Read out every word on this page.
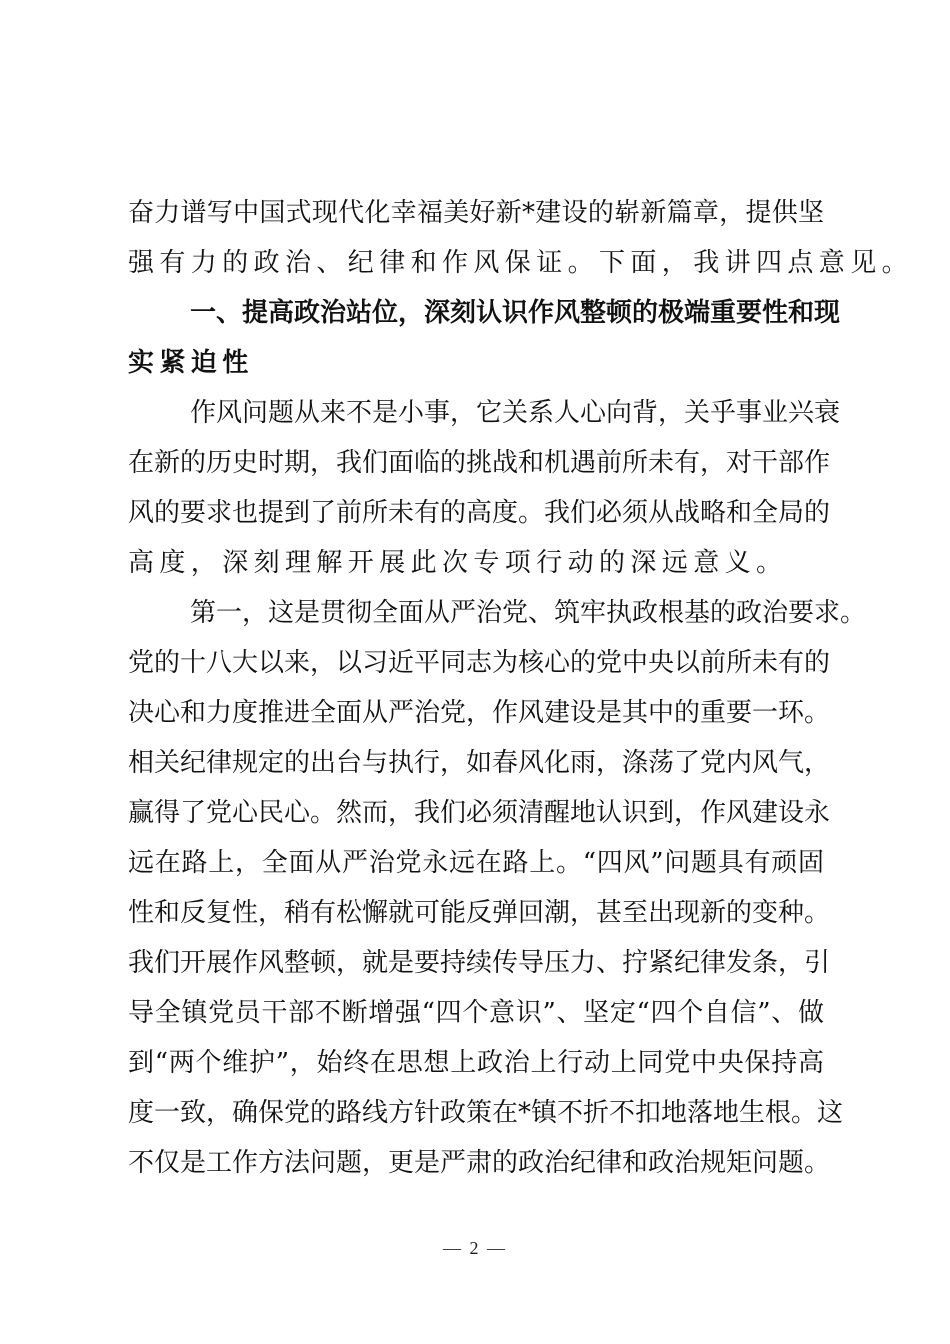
奋力谱写中国式现代化幸福美好新*建设的崭新篇章，提供坚
强有力的政治、纪律和作风保证。下面，我讲四点意见。
一、提高政治站位，深刻认识作风整顿的极端重要性和现
实紧迫性
作风问题从来不是小事，它关系人心向背，关乎事业兴衰
在新的历史时期，我们面临的挑战和机遇前所未有，对干部作
风的要求也提到了前所未有的高度。我们必须从战略和全局的
高度，深刻理解开展此次专项行动的深远意义。
第一，这是贯彻全面从严治党、筑牢执政根基的政治要求。
党的十八大以来，以习近平同志为核心的党中央以前所未有的
决心和力度推进全面从严治党，作风建设是其中的重要一环。
相关纪律规定的出台与执行，如春风化雨，涤荡了党内风气，
赢得了党心民心。然而，我们必须清醒地认识到，作风建设永
远在路上，全面从严治党永远在路上。“四风”问题具有顽固
性和反复性，稍有松懈就可能反弹回潮，甚至出现新的变种。
我们开展作风整顿，就是要持续传导压力、拧紧纪律发条，引
导全镇党员干部不断增强“四个意识”、坚定“四个自信”、做
到“两个维护”，始终在思想上政治上行动上同党中央保持高
度一致，确保党的路线方针政策在*镇不折不扣地落地生根。这
不仅是工作方法问题，更是严肃的政治纪律和政治规矩问题。
— 2 —
